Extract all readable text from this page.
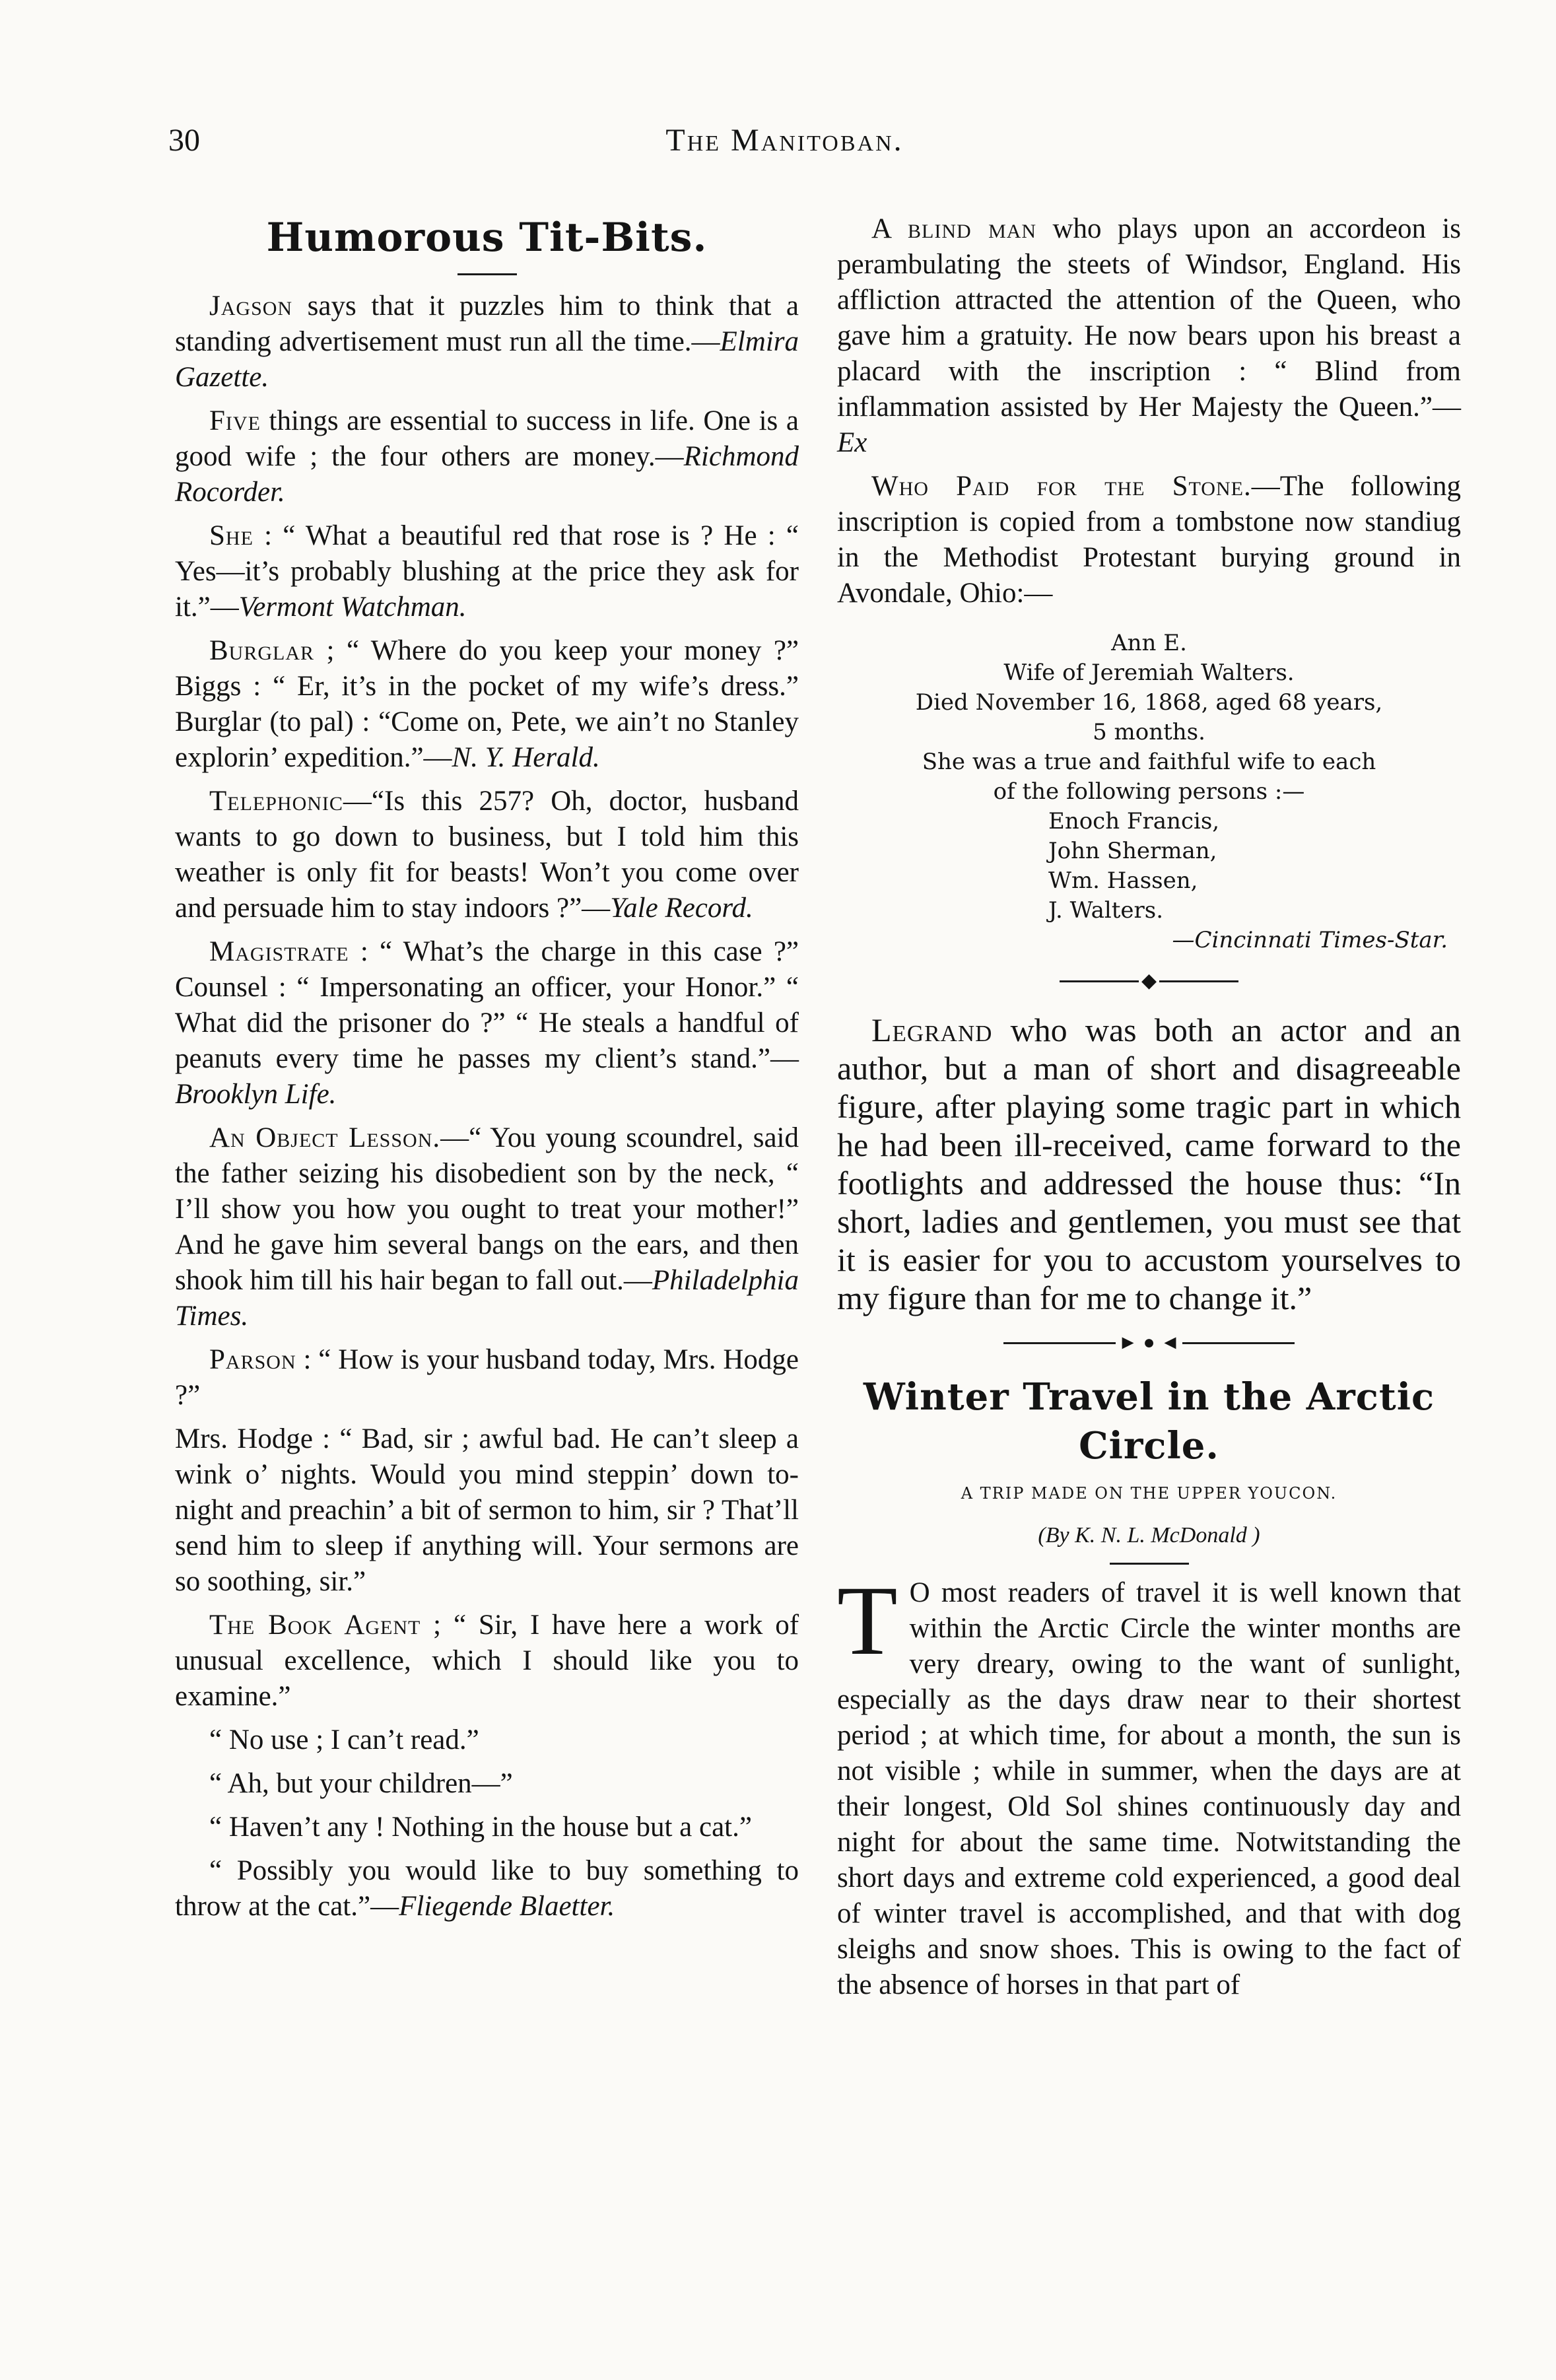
30	The Manitoban.
Humorous Tit-Bits.

Jagson says that it puzzles him to think that a standing advertisement must run all the time.—Elmira Gazette.

Five things are essential to success in life. One is a good wife ; the four others are money.—Richmond Rocorder.

She : “ What a beautiful red that rose is ? He : “ Yes—it’s probably blushing at the price they ask for it.”—Vermont Watchman.

Burglar ; “ Where do you keep your money ?” Biggs : “ Er, it’s in the pocket of my wife’s dress.” Burglar (to pal) : “Come on, Pete, we ain’t no Stanley explorin’ expedition.”—N. Y. Herald.

Telephonic—“Is this 257? Oh, doctor, husband wants to go down to business, but I told him this weather is only fit for beasts! Won’t you come over and persuade him to stay indoors ?”—Yale Record.

Magistrate : “ What’s the charge in this case ?” Counsel : “ Impersonating an officer, your Honor.” “ What did the prisoner do ?” “ He steals a handful of peanuts every time he passes my client’s stand.”—Brooklyn Life.

An Object Lesson.—“ You young scoundrel, said the father seizing his disobedient son by the neck, “ I’ll show you how you ought to treat your mother!” And he gave him several bangs on the ears, and then shook him till his hair began to fall out.—Philadelphia Times.

Parson : “ How is your husband today, Mrs. Hodge ?”

Mrs. Hodge : “ Bad, sir ; awful bad. He can’t sleep a wink o’ nights. Would you mind steppin’ down to-night and preachin’ a bit of sermon to him, sir ? That’ll send him to sleep if anything will. Your sermons are so soothing, sir.”

The Book Agent ; “ Sir, I have here a work of unusual excellence, which I should like you to examine.”

“ No use ; I can’t read.”

“ Ah, but your children—”

“ Haven’t any ! Nothing in the house but a cat.”

“ Possibly you would like to buy something to throw at the cat.”—Fliegende Blaetter.

A blind man who plays upon an accordeon is perambulating the steets of Windsor, England. His affliction attracted the attention of the Queen, who gave him a gratuity. He now bears upon his breast a placard with the inscription : “ Blind from inflammation assisted by Her Majesty the Queen.”—Ex

Who Paid for the Stone.—The following inscription is copied from a tombstone now standiug in the Methodist Protestant burying ground in Avondale, Ohio:—

Ann E.
Wife of Jeremiah Walters.
Died November 16, 1868, aged 68 years,
5 months.
She was a true and faithful wife to each
of the following persons :—
Enoch Francis,
John Sherman,
Wm. Hassen,
J. Walters.
—Cincinnati Times-Star.
◆

Legrand who was both an actor and an author, but a man of short and disagreeable figure, after playing some tragic part in which he had been ill-received, came forward to the footlights and addressed the house thus: “In short, ladies and gentlemen, you must see that it is easier for you to accustom yourselves to my figure than for me to change it.”

► ● ◄
Winter Travel in the Arctic Circle.
A TRIP MADE ON THE UPPER YOUCON.
(By K. N. L. McDonald )

T O most readers of travel it is well known that within the Arctic Circle the winter months are very dreary, owing to the want of sunlight, especially as the days draw near to their shortest period ; at which time, for about a month, the sun is not visible ; while in summer, when the days are at their longest, Old Sol shines continuously day and night for about the same time. Notwitstanding the short days and extreme cold experienced, a good deal of winter travel is accomplished, and that with dog sleighs and snow shoes. This is owing to the fact of the absence of horses in that part of
